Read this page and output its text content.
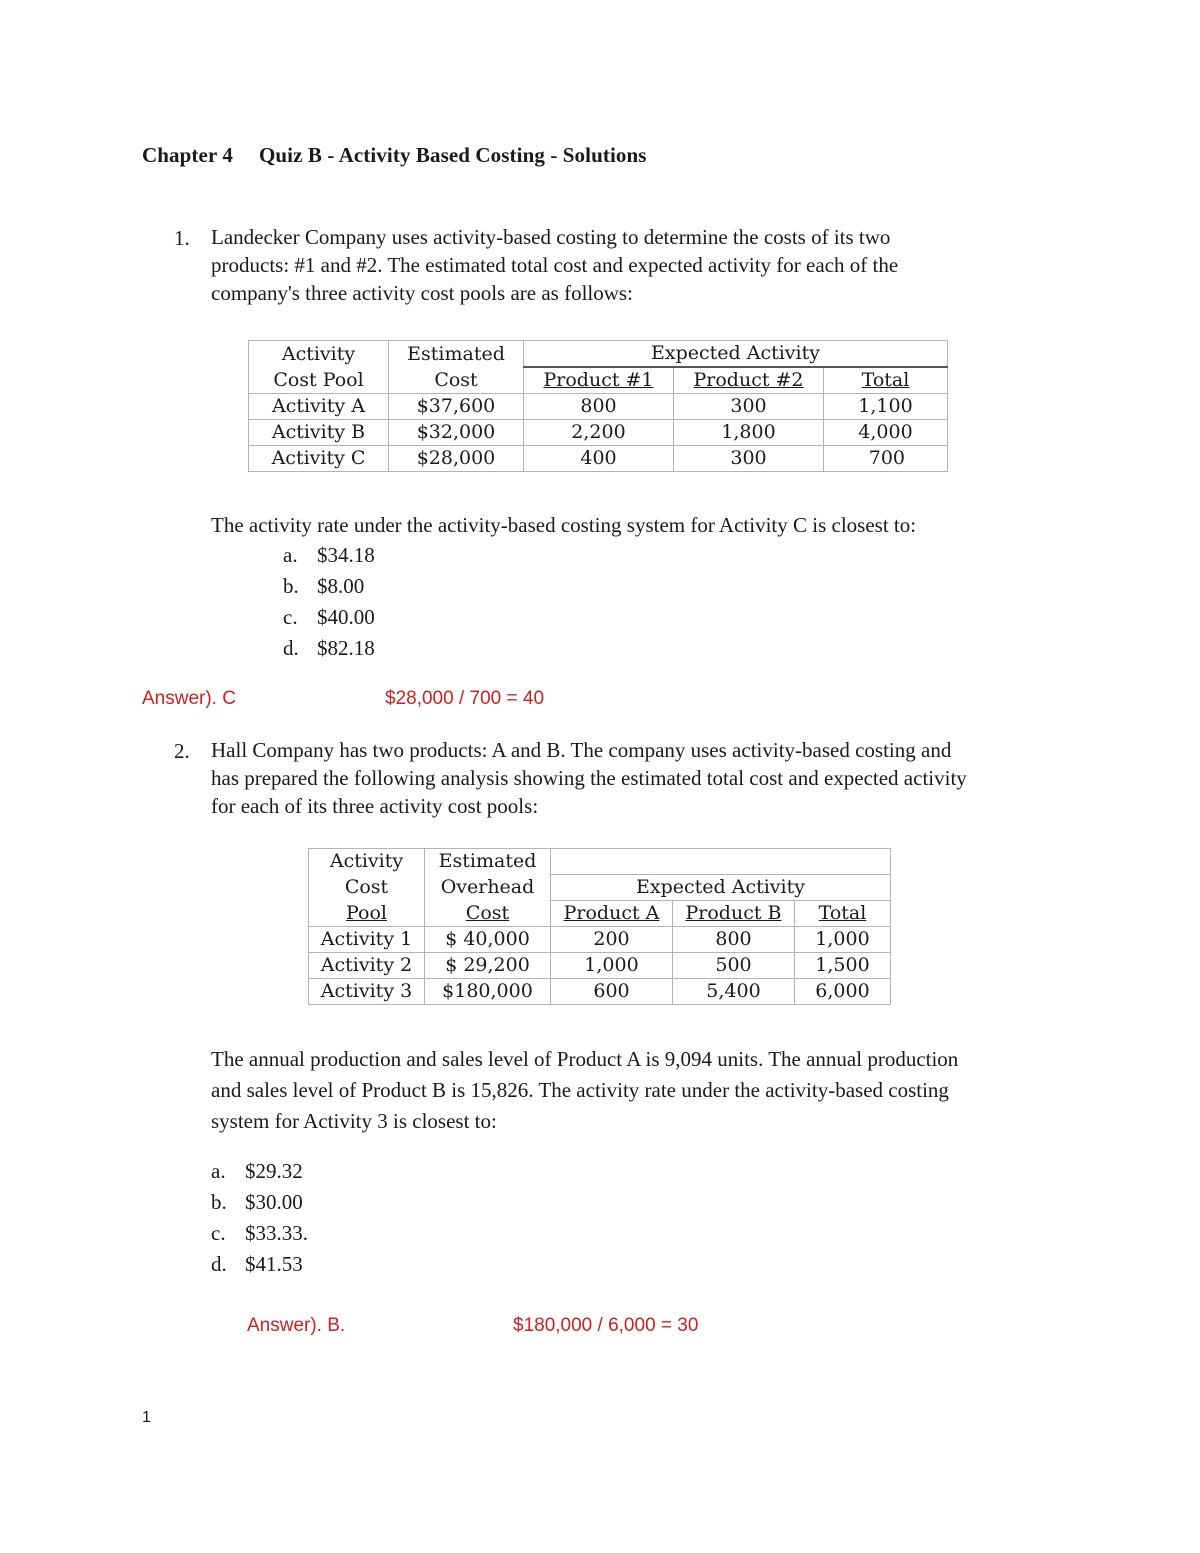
Chapter 4 Quiz B - Activity Based Costing - Solutions
1. Landecker Company uses activity-based costing to determine the costs of its two
products: #1 and #2. The estimated total cost and expected activity for each of the
company's three activity cost pools are as follows:
Activity	Estimated	Expected Activity		
Cost Pool	Cost	Product #1	Product #2	Total
Activity A	$37,600	800	300	1,100
Activity B	$32,000	2,200	1,800	4,000
Activity C	$28,000	400	300	700
The activity rate under the activity-based costing system for Activity C is closest to:
a. $34.18
b. $8.00
c. $40.00
d. $82.18
Answer). C	$28,000 / 700 = 40
2. Hall Company has two products: A and B. The company uses activity-based costing and
has prepared the following analysis showing the estimated total cost and expected activity
for each of its three activity cost pools:
Activity	Estimated			
Cost	Overhead	Expected Activity		
Pool	Cost	Product A	Product B	Total
Activity 1	$ 40,000	200	800	1,000
Activity 2	$ 29,200	1,000	500	1,500
Activity 3	$180,000	600	5,400	6,000
The annual production and sales level of Product A is 9,094 units. The annual production
and sales level of Product B is 15,826. The activity rate under the activity-based costing
system for Activity 3 is closest to:
a. $29.32
b. $30.00
c. $33.33.
d. $41.53
Answer). B.	$180,000 / 6,000 = 30
1
